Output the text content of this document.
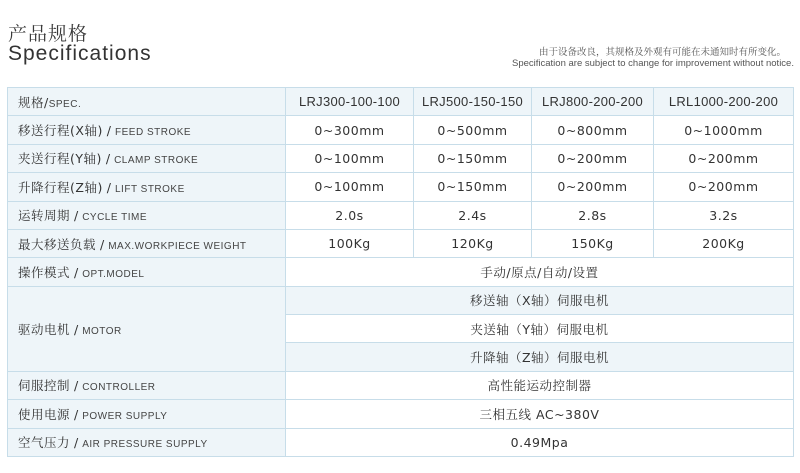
产品规格
Specifications	由于设备改良，其规格及外观有可能在未通知时有所变化。
Specification are subject to change for improvement without notice.
规格/SPEC.	LRJ300-100-100	LRJ500-150-150	LRJ800-200-200	LRL1000-200-200
移送行程(X轴) / FEED STROKE	0~300mm	0~500mm	0~800mm	0~1000mm
夹送行程(Y轴) / CLAMP STROKE	0~100mm	0~150mm	0~200mm	0~200mm
升降行程(Z轴) / LIFT STROKE	0~100mm	0~150mm	0~200mm	0~200mm
运转周期 / CYCLE TIME	2.0s	2.4s	2.8s	3.2s
最大移送负载 / MAX.WORKPIECE WEIGHT	100Kg	120Kg	150Kg	200Kg
操作模式 / OPT.MODEL	手动/原点/自动/设置			
驱动电机 / MOTOR	移送轴（X轴）伺服电机			
	夹送轴（Y轴）伺服电机			
	升降轴（Z轴）伺服电机			
伺服控制 / CONTROLLER	高性能运动控制器			
使用电源 / POWER SUPPLY	三相五线 AC~380V			
空气压力 / AIR PRESSURE SUPPLY	0.49Mpa			
